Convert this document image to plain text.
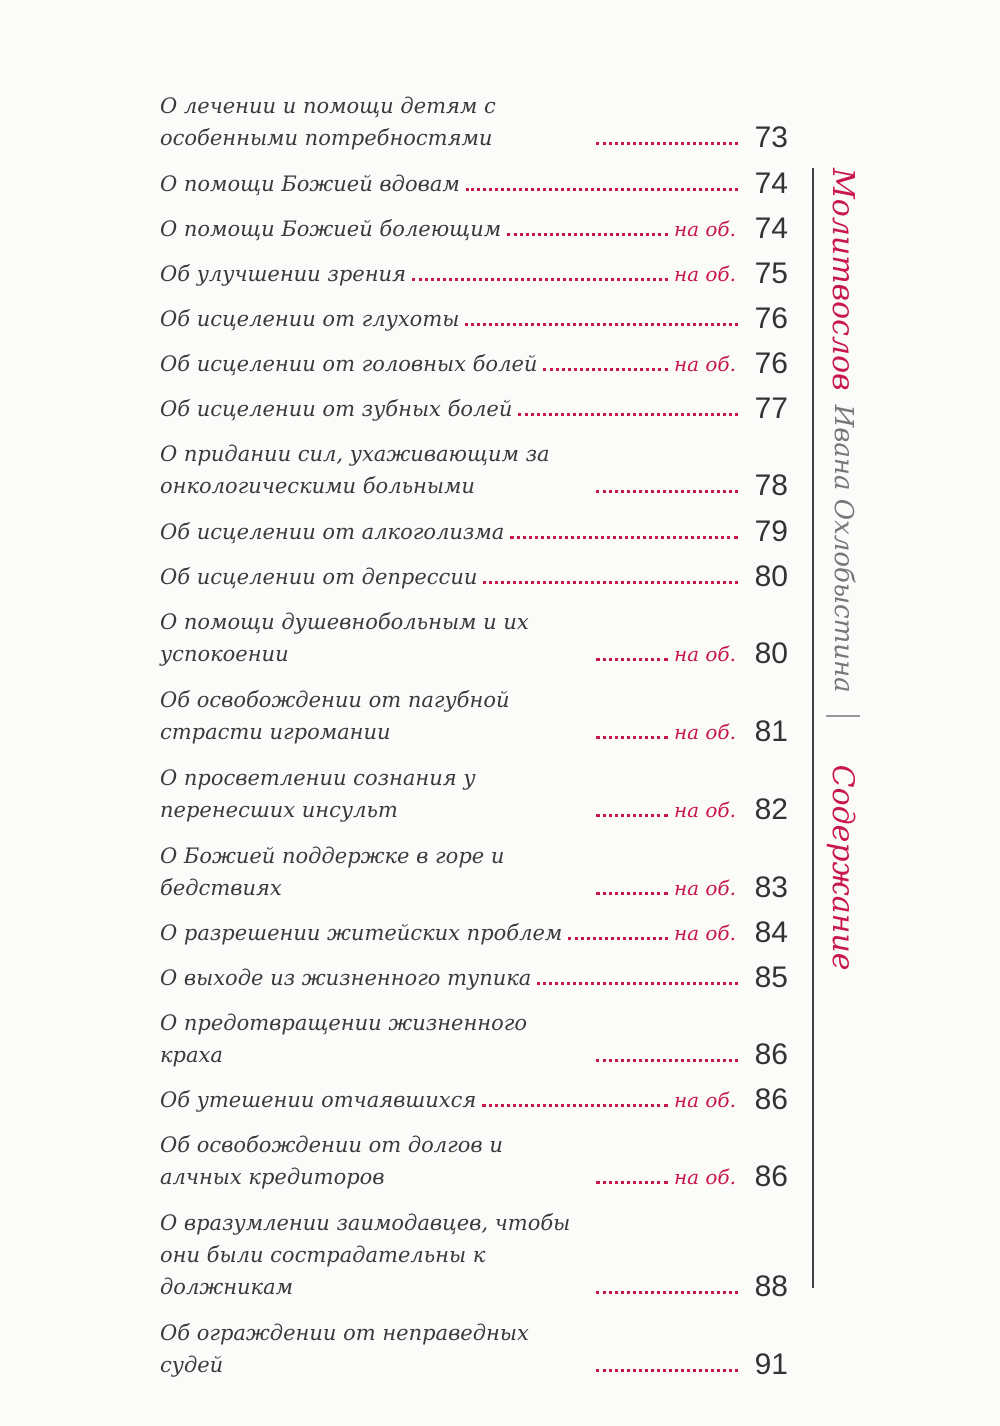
О лечении и помощи детям с особенными потребностями	73
О помощи Божией вдовам	74
О помощи Божией болеющим	на об. 74
Об улучшении зрения	на об. 75
Об исцелении от глухоты	76
Об исцелении от головных болей	на об. 76
Об исцелении от зубных болей	77
О придании сил, ухаживающим за онкологическими больными	78
Об исцелении от алкоголизма	79
Об исцелении от депрессии	80
О помощи душевнобольным и их успокоении	на об. 80
Об освобождении от пагубной страсти игромании	на об. 81
О просветлении сознания у перенесших инсульт	на об. 82
О Божией поддержке в горе и бедствиях	на об. 83
О разрешении житейских проблем	на об. 84
О выходе из жизненного тупика	85
О предотвращении жизненного краха	86
Об утешении отчаявшихся	на об. 86
Об освобождении от долгов и алчных кредиторов	на об. 86
О вразумлении заимодавцев, чтобы они были сострадательны к должникам	88
Об ограждении от неправедных судей	91
Содержание
Ивана Охлобыстина
Молитвослов
